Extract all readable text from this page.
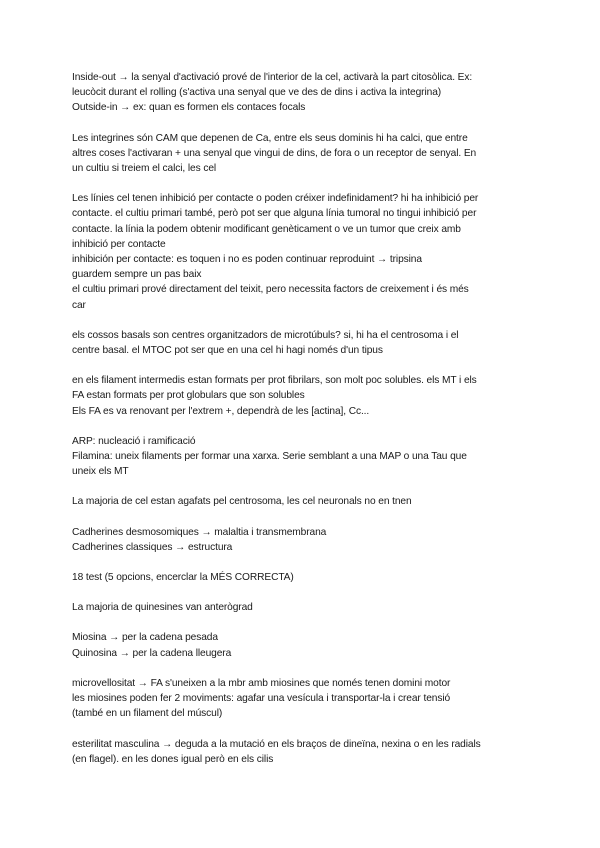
Inside-out → la senyal d'activació prové de l'interior de la cel, activarà la part citosòlica. Ex:
leucòcit durant el rolling (s'activa una senyal que ve des de dins i activa la integrina)
Outside-in → ex: quan es formen els contaces focals
Les integrines són CAM que depenen de Ca, entre els seus dominis hi ha calci, que entre
altres coses l'activaran + una senyal que vingui de dins, de fora o un receptor de senyal. En
un cultiu si treiem el calci, les cel
Les línies cel tenen inhibició per contacte o poden créixer indefinidament? hi ha inhibició per
contacte. el cultiu primari també, però pot ser que alguna línia tumoral no tingui inhibició per
contacte. la línia la podem obtenir modificant genèticament o ve un tumor que creix amb
inhibició per contacte
inhibición per contacte: es toquen i no es poden continuar reproduint → tripsina
guardem sempre un pas baix
el cultiu primari prové directament del teixit, pero necessita factors de creixement i és més
car
els cossos basals son centres organitzadors de microtúbuls? si, hi ha el centrosoma i el
centre basal. el MTOC pot ser que en una cel hi hagi només d'un tipus
en els filament intermedis estan formats per prot fibrilars, son molt poc solubles. els MT i els
FA estan formats per prot globulars que son solubles
Els FA es va renovant per l'extrem +, dependrà de les [actina], Cc...
ARP: nucleació i ramificació
Filamina: uneix filaments per formar una xarxa. Serie semblant a una MAP o una Tau que
uneix els MT
La majoria de cel estan agafats pel centrosoma, les cel neuronals no en tnen
Cadherines desmosomiques → malaltia i transmembrana
Cadherines classiques → estructura
18 test (5 opcions, encerclar la MÉS CORRECTA)
La majoria de quinesines van anterògrad
Miosina → per la cadena pesada
Quinosina → per la cadena lleugera
microvellositat → FA s'uneixen a la mbr amb miosines que només tenen domini motor
les miosines poden fer 2 moviments: agafar una vesícula i transportar-la i crear tensió
(també en un filament del múscul)
esterilitat masculina → deguda a la mutació en els braços de dineïna, nexina o en les radials
(en flagel). en les dones igual però en els cilis
